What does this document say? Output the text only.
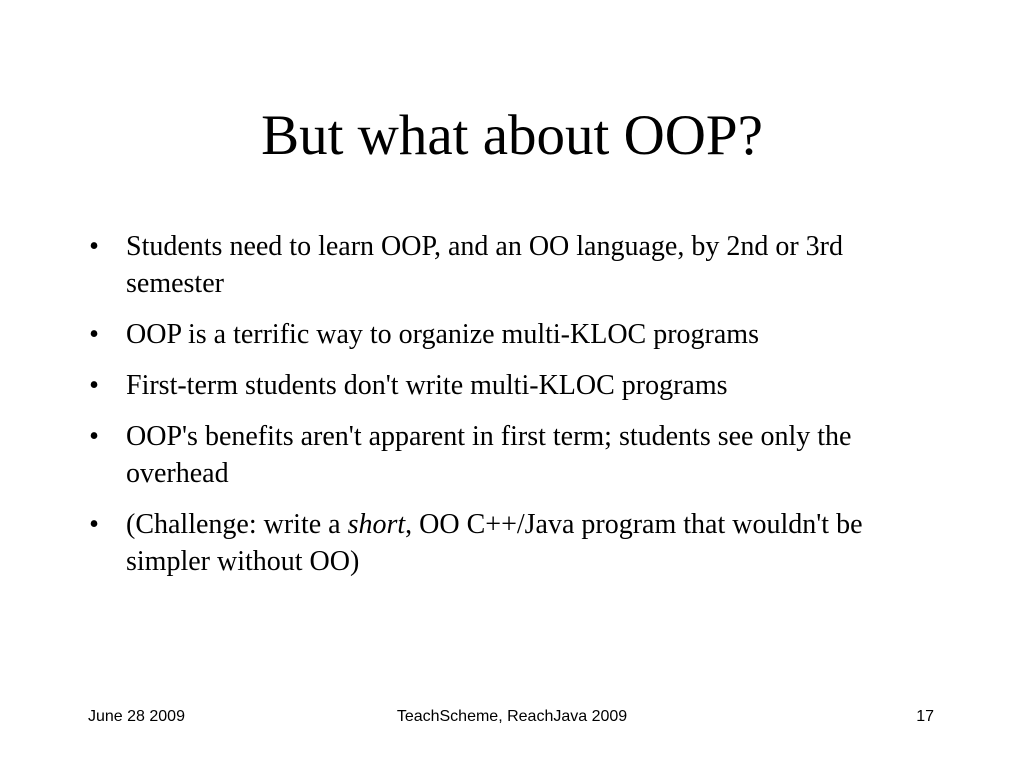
But what about OOP?
• Students need to learn OOP, and an OO language, by 2nd or 3rd semester
• OOP is a terrific way to organize multi-KLOC programs
• First-term students don't write multi-KLOC programs
• OOP's benefits aren't apparent in first term; students see only the overhead
• (Challenge: write a short, OO C++/Java program that wouldn't be simpler without OO)
June 28 2009	TeachScheme, ReachJava 2009	17
